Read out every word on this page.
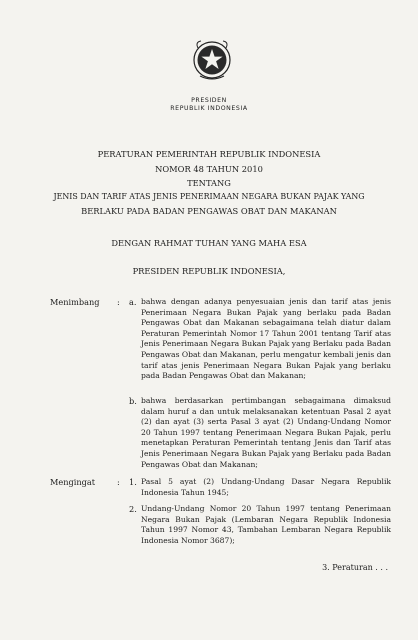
PRESIDEN
REPUBLIK INDONESIA
PERATURAN PEMERINTAH REPUBLIK INDONESIA
NOMOR 48 TAHUN 2010
TENTANG
JENIS DAN TARIF ATAS JENIS PENERIMAAN NEGARA BUKAN PAJAK YANG
BERLAKU PADA BADAN PENGAWAS OBAT DAN MAKANAN
DENGAN RAHMAT TUHAN YANG MAHA ESA
PRESIDEN REPUBLIK INDONESIA,
Menimbang : a. bahwa dengan adanya penyesuaian jenis dan tarif atas jenis Penerimaan Negara Bukan Pajak yang berlaku pada Badan Pengawas Obat dan Makanan sebagaimana telah diatur dalam Peraturan Pemerintah Nomor 17 Tahun 2001 tentang Tarif atas Jenis Penerimaan Negara Bukan Pajak yang Berlaku pada Badan Pengawas Obat dan Makanan, perlu mengatur kembali jenis dan tarif atas jenis Penerimaan Negara Bukan Pajak yang berlaku pada Badan Pengawas Obat dan Makanan;
b. bahwa berdasarkan pertimbangan sebagaimana dimaksud dalam huruf a dan untuk melaksanakan ketentuan Pasal 2 ayat (2) dan ayat (3) serta Pasal 3 ayat (2) Undang-Undang Nomor 20 Tahun 1997 tentang Penerimaan Negara Bukan Pajak, perlu menetapkan Peraturan Pemerintah tentang Jenis dan Tarif atas Jenis Penerimaan Negara Bukan Pajak yang Berlaku pada Badan Pengawas Obat dan Makanan;
Mengingat	: 1. Pasal 5 ayat (2) Undang-Undang Dasar Negara Republik Indonesia Tahun 1945;
2. Undang-Undang Nomor 20 Tahun 1997 tentang Penerimaan Negara Bukan Pajak (Lembaran Negara Republik Indonesia Tahun 1997 Nomor 43, Tambahan Lembaran Negara Republik Indonesia Nomor 3687);
3. Peraturan . . .
